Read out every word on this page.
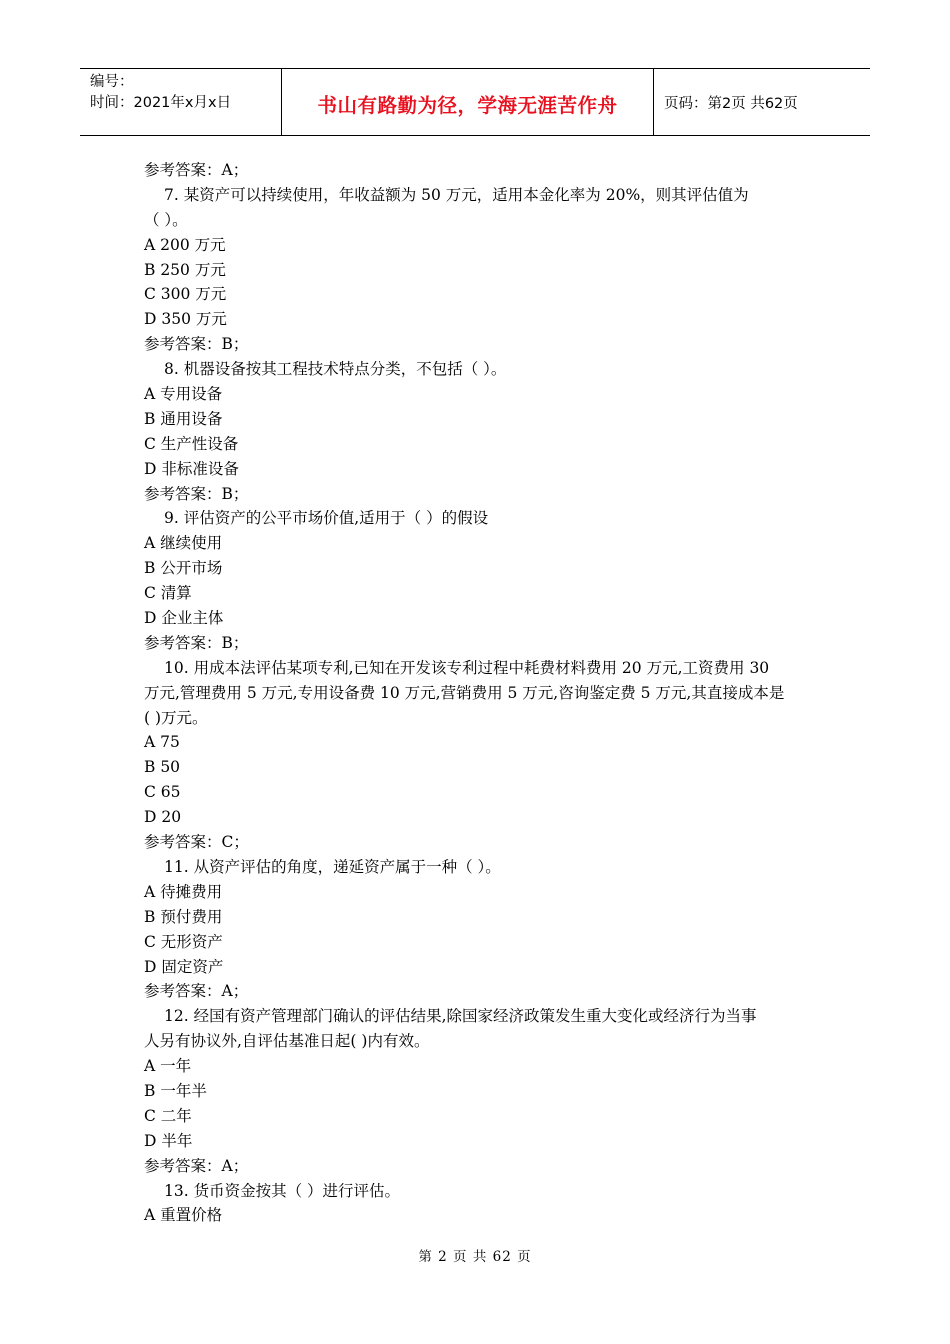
编号：
时间：2021年x月x日	书山有路勤为径，学海无涯苦作舟	页码：第2页 共62页
参考答案：A；
7. 某资产可以持续使用，年收益额为 50 万元，适用本金化率为 20%，则其评估值为
（ ）。
A 200 万元
B 250 万元
C 300 万元
D 350 万元
参考答案：B；
8. 机器设备按其工程技术特点分类，不包括（ ）。
A 专用设备
B 通用设备
C 生产性设备
D 非标准设备
参考答案：B；
9. 评估资产的公平市场价值,适用于（ ）的假设
A 继续使用
B 公开市场
C 清算
D 企业主体
参考答案：B；
10. 用成本法评估某项专利,已知在开发该专利过程中耗费材料费用 20 万元,工资费用 30
万元,管理费用 5 万元,专用设备费 10 万元,营销费用 5 万元,咨询鉴定费 5 万元,其直接成本是
( )万元。
A 75
B 50
C 65
D 20
参考答案：C；
11. 从资产评估的角度，递延资产属于一种（ ）。
A 待摊费用
B 预付费用
C 无形资产
D 固定资产
参考答案：A；
12. 经国有资产管理部门确认的评估结果,除国家经济政策发生重大变化或经济行为当事
人另有协议外,自评估基准日起( )内有效。
A 一年
B 一年半
C 二年
D 半年
参考答案：A；
13. 货币资金按其（ ）进行评估。
A 重置价格
第 2 页 共 62 页
